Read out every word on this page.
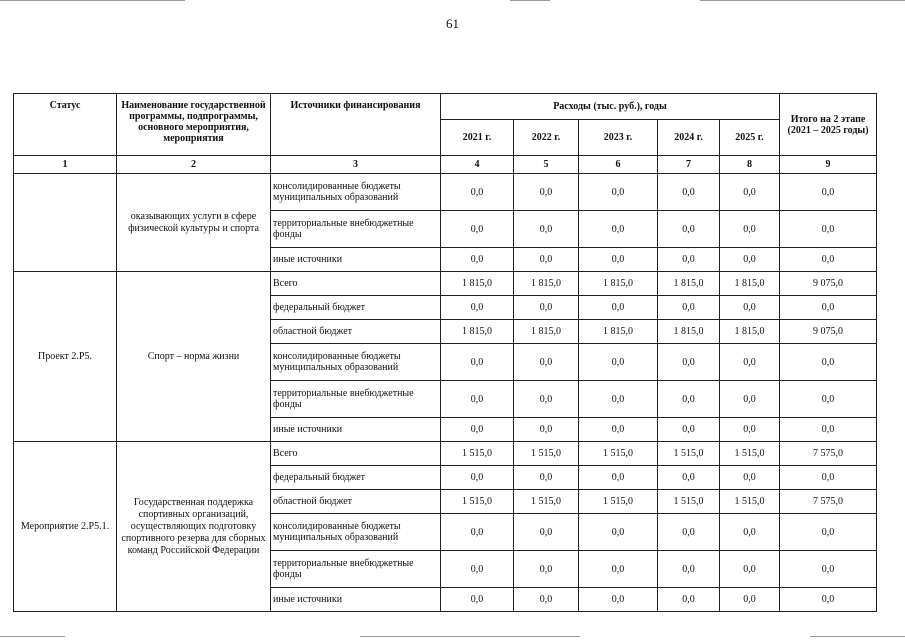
61
Статус	Наименование государственной программы, подпрограммы, основного мероприятия, мероприятия	Источники финансирования	Расходы (тыс. руб.), годы					Итого на 2 этапе (2021 – 2025 годы)
			2021 г.	2022 г.	2023 г.	2024 г.	2025 г.	
1	2	3	4	5	6	7	8	9
	оказывающих услуги в сфере физической культуры и спорта	консолидированные бюджеты муниципальных образований	0,0	0,0	0,0	0,0	0,0	0,0
		территориальные внебюджетные фонды	0,0	0,0	0,0	0,0	0,0	0,0
		иные источники	0,0	0,0	0,0	0,0	0,0	0,0
Проект 2.Р5.	Спорт – норма жизни	Всего	1 815,0	1 815,0	1 815,0	1 815,0	1 815,0	9 075,0
		федеральный бюджет	0,0	0,0	0,0	0,0	0,0	0,0
		областной бюджет	1 815,0	1 815,0	1 815,0	1 815,0	1 815,0	9 075,0
		консолидированные бюджеты муниципальных образований	0,0	0,0	0,0	0,0	0,0	0,0
		территориальные внебюджетные фонды	0,0	0,0	0,0	0,0	0,0	0,0
		иные источники	0,0	0,0	0,0	0,0	0,0	0,0
Мероприятие 2.Р5.1.	Государственная поддержка спортивных организаций, осуществляющих подготовку спортивного резерва для сборных команд Российской Федерации	Всего	1 515,0	1 515,0	1 515,0	1 515,0	1 515,0	7 575,0
		федеральный бюджет	0,0	0,0	0,0	0,0	0,0	0,0
		областной бюджет	1 515,0	1 515,0	1 515,0	1 515,0	1 515,0	7 575,0
		консолидированные бюджеты муниципальных образований	0,0	0,0	0,0	0,0	0,0	0,0
		территориальные внебюджетные фонды	0,0	0,0	0,0	0,0	0,0	0,0
		иные источники	0,0	0,0	0,0	0,0	0,0	0,0
